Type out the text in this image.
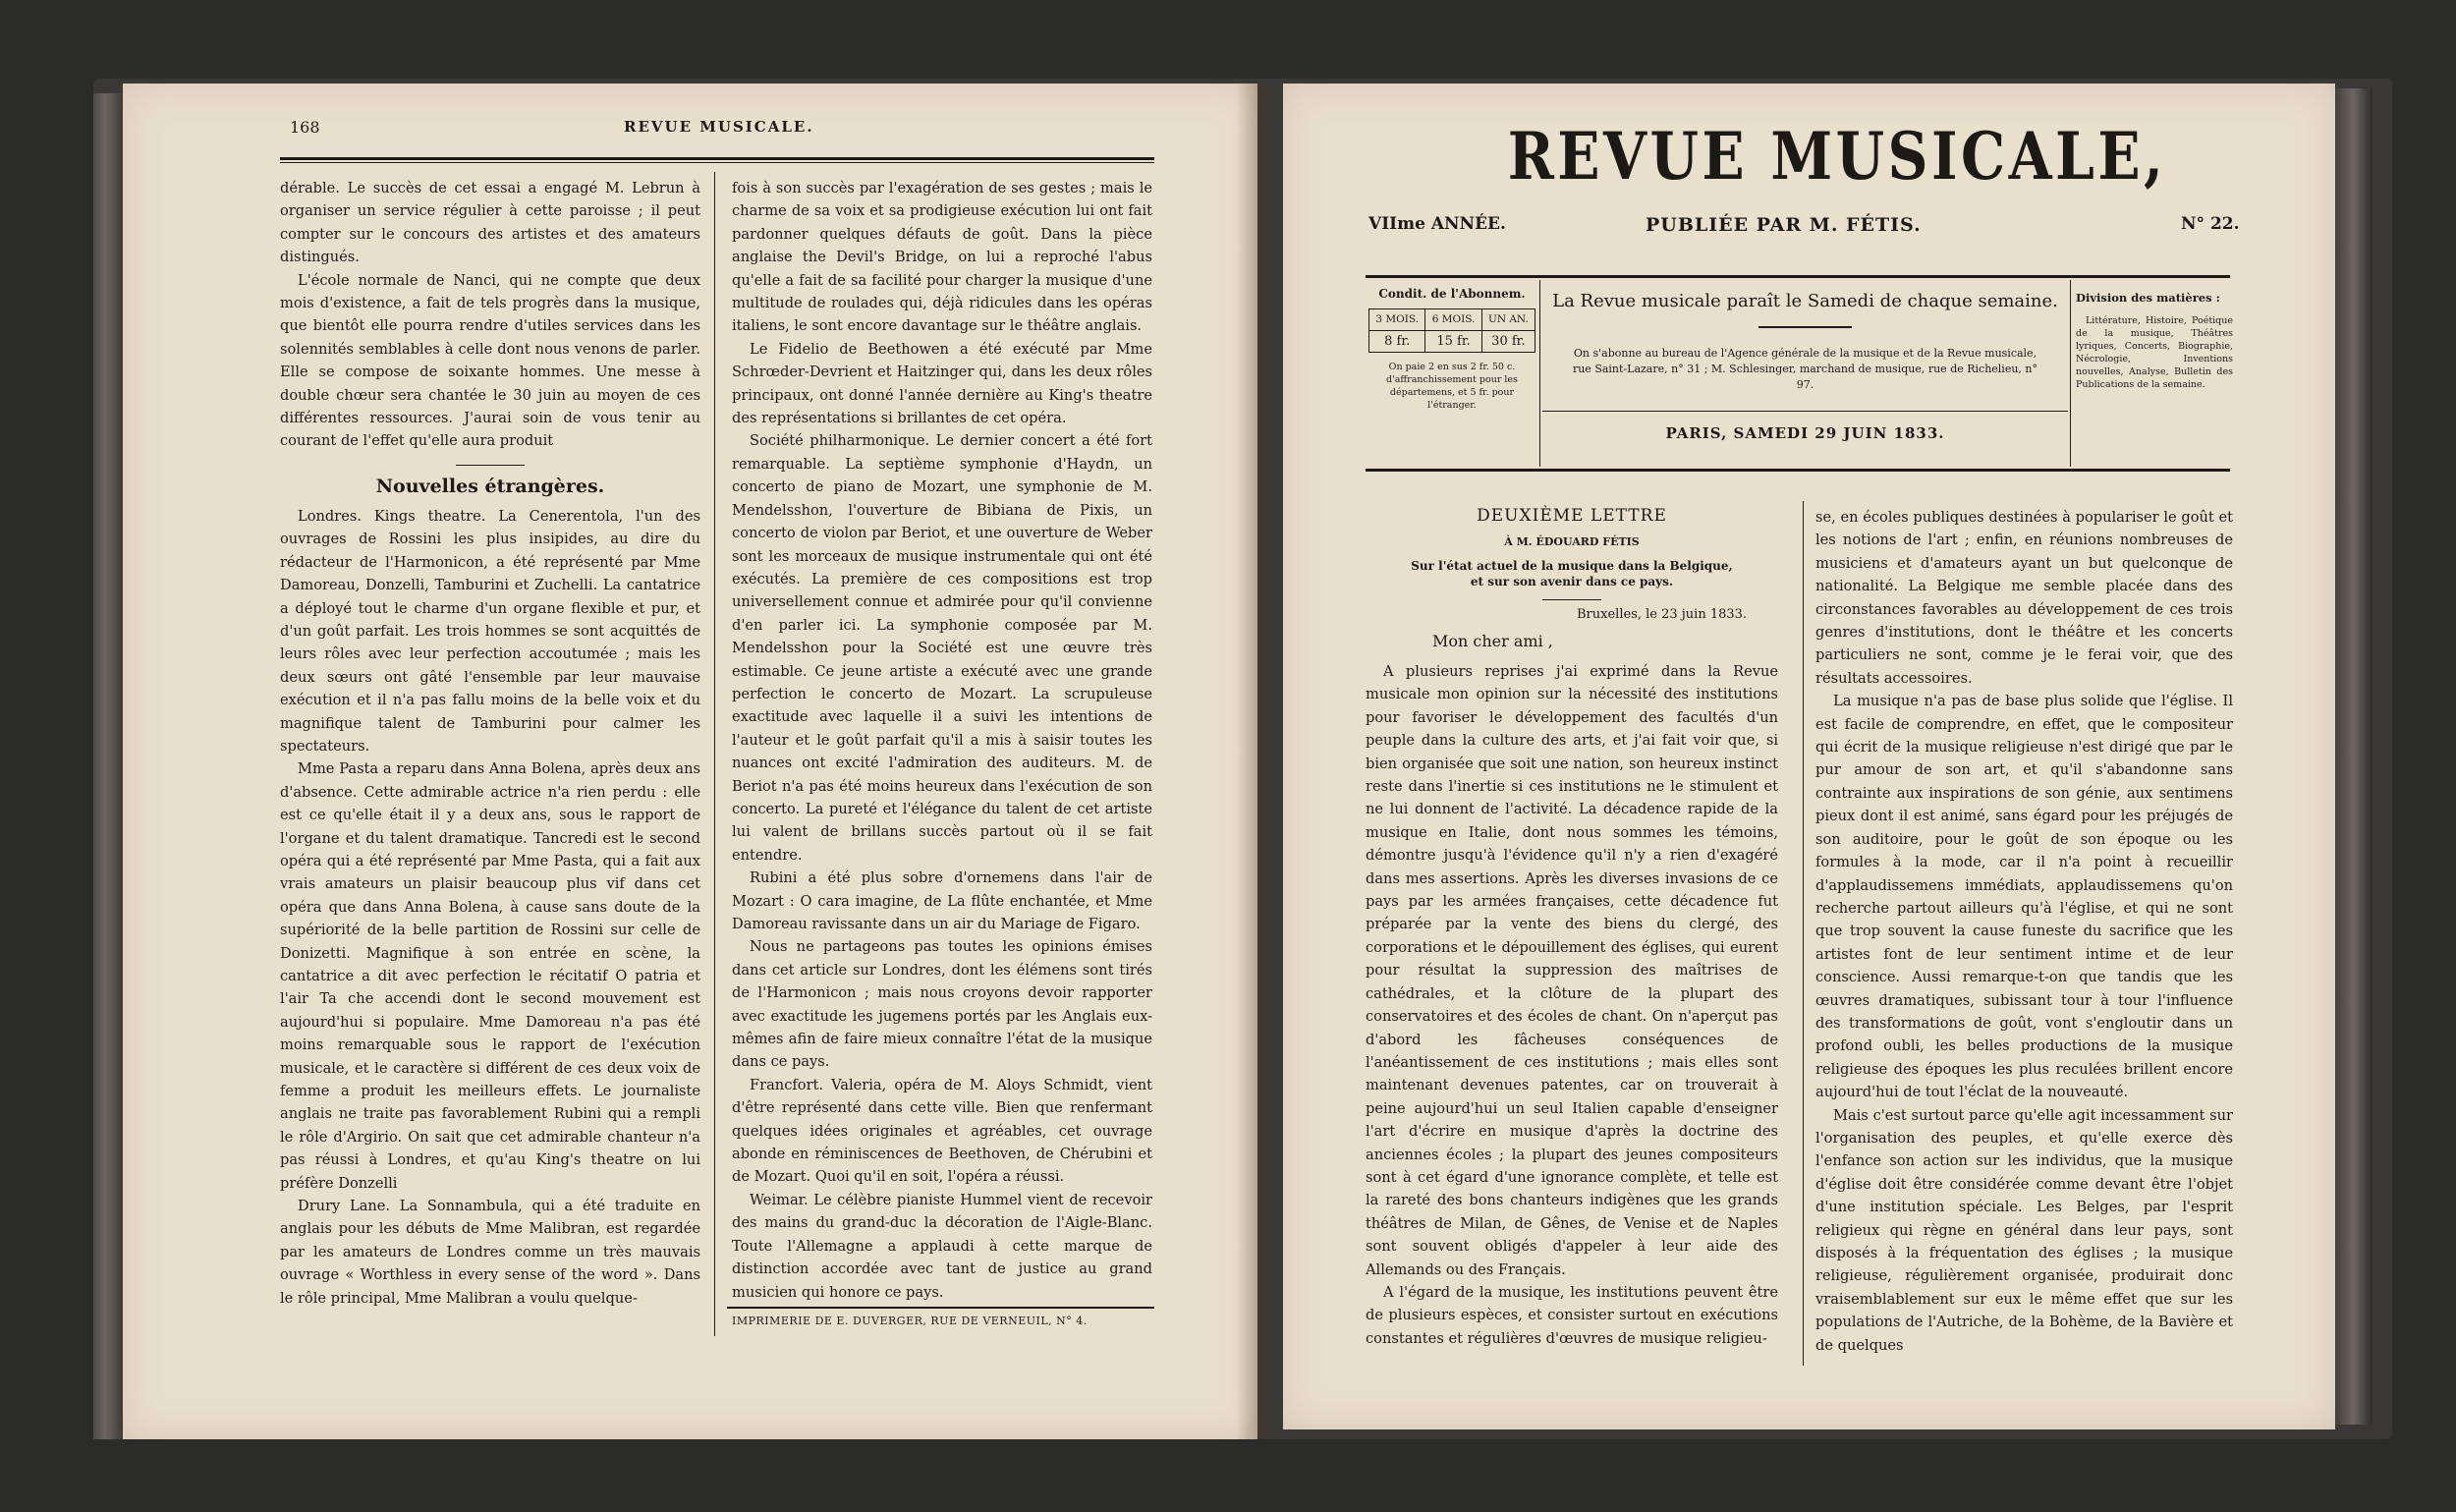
168	REVUE MUSICALE.

dérable. Le succès de cet essai a engagé M. Lebrun à organiser un service régulier à cette paroisse ; il peut compter sur le concours des artistes et des amateurs distingués.

L'école normale de Nanci, qui ne compte que deux mois d'existence, a fait de tels progrès dans la musique, que bientôt elle pourra rendre d'utiles services dans les solennités semblables à celle dont nous venons de parler. Elle se compose de soixante hommes. Une messe à double chœur sera chantée le 30 juin au moyen de ces différentes ressources. J'aurai soin de vous tenir au courant de l'effet qu'elle aura produit

Nouvelles étrangères.

Londres. Kings theatre. La Cenerentola, l'un des ouvrages de Rossini les plus insipides, au dire du rédacteur de l'Harmonicon, a été représenté par Mme Damoreau, Donzelli, Tamburini et Zuchelli. La cantatrice a déployé tout le charme d'un organe flexible et pur, et d'un goût parfait. Les trois hommes se sont acquittés de leurs rôles avec leur perfection accoutumée ; mais les deux sœurs ont gâté l'ensemble par leur mauvaise exécution et il n'a pas fallu moins de la belle voix et du magnifique talent de Tamburini pour calmer les spectateurs.

Mme Pasta a reparu dans Anna Bolena, après deux ans d'absence. Cette admirable actrice n'a rien perdu : elle est ce qu'elle était il y a deux ans, sous le rapport de l'organe et du talent dramatique. Tancredi est le second opéra qui a été représenté par Mme Pasta, qui a fait aux vrais amateurs un plaisir beaucoup plus vif dans cet opéra que dans Anna Bolena, à cause sans doute de la supériorité de la belle partition de Rossini sur celle de Donizetti. Magnifique à son entrée en scène, la cantatrice a dit avec perfection le récitatif O patria et l'air Ta che accendi dont le second mouvement est aujourd'hui si populaire. Mme Damoreau n'a pas été moins remarquable sous le rapport de l'exécution musicale, et le caractère si différent de ces deux voix de femme a produit les meilleurs effets. Le journaliste anglais ne traite pas favorablement Rubini qui a rempli le rôle d'Argirio. On sait que cet admirable chanteur n'a pas réussi à Londres, et qu'au King's theatre on lui préfère Donzelli

Drury Lane. La Sonnambula, qui a été traduite en anglais pour les débuts de Mme Malibran, est regardée par les amateurs de Londres comme un très mauvais ouvrage « Worthless in every sense of the word ». Dans le rôle principal, Mme Malibran a voulu quelque-

fois à son succès par l'exagération de ses gestes ; mais le charme de sa voix et sa prodigieuse exécution lui ont fait pardonner quelques défauts de goût. Dans la pièce anglaise the Devil's Bridge, on lui a reproché l'abus qu'elle a fait de sa facilité pour charger la musique d'une multitude de roulades qui, déjà ridicules dans les opéras italiens, le sont encore davantage sur le théâtre anglais.

Le Fidelio de Beethowen a été exécuté par Mme Schrœder-Devrient et Haitzinger qui, dans les deux rôles principaux, ont donné l'année dernière au King's theatre des représentations si brillantes de cet opéra.

Société philharmonique. Le dernier concert a été fort remarquable. La septième symphonie d'Haydn, un concerto de piano de Mozart, une symphonie de M. Mendelsshon, l'ouverture de Bibiana de Pixis, un concerto de violon par Beriot, et une ouverture de Weber sont les morceaux de musique instrumentale qui ont été exécutés. La première de ces compositions est trop universellement connue et admirée pour qu'il convienne d'en parler ici. La symphonie composée par M. Mendelsshon pour la Société est une œuvre très estimable. Ce jeune artiste a exécuté avec une grande perfection le concerto de Mozart. La scrupuleuse exactitude avec laquelle il a suivi les intentions de l'auteur et le goût parfait qu'il a mis à saisir toutes les nuances ont excité l'admiration des auditeurs. M. de Beriot n'a pas été moins heureux dans l'exécution de son concerto. La pureté et l'élégance du talent de cet artiste lui valent de brillans succès partout où il se fait entendre.

Rubini a été plus sobre d'ornemens dans l'air de Mozart : O cara imagine, de La flûte enchantée, et Mme Damoreau ravissante dans un air du Mariage de Figaro.

Nous ne partageons pas toutes les opinions émises dans cet article sur Londres, dont les élémens sont tirés de l'Harmonicon ; mais nous croyons devoir rapporter avec exactitude les jugemens portés par les Anglais eux-mêmes afin de faire mieux connaître l'état de la musique dans ce pays.

Francfort. Valeria, opéra de M. Aloys Schmidt, vient d'être représenté dans cette ville. Bien que renfermant quelques idées originales et agréables, cet ouvrage abonde en réminiscences de Beethoven, de Chérubini et de Mozart. Quoi qu'il en soit, l'opéra a réussi.

Weimar. Le célèbre pianiste Hummel vient de recevoir des mains du grand-duc la décoration de l'Aigle-Blanc. Toute l'Allemagne a applaudi à cette marque de distinction accordée avec tant de justice au grand musicien qui honore ce pays.

IMPRIMERIE DE E. DUVERGER, RUE DE VERNEUIL, N° 4.
REVUE MUSICALE,
VIIme ANNÉE.	PUBLIÉE PAR M. FÉTIS.	N° 22.
Condit. de l'Abonnem.
3 MOIS.	6 MOIS.	UN AN.
8 fr.	15 fr.	30 fr.
On paie 2 en sus 2 fr. 50 c. d'affranchissement pour les départemens, et 5 fr. pour l'étranger.
La Revue musicale paraît le Samedi de chaque semaine.
On s'abonne au bureau de l'Agence générale de la musique et de la Revue musicale, rue Saint-Lazare, n° 31 ; M. Schlesinger, marchand de musique, rue de Richelieu, n° 97.
PARIS, SAMEDI 29 JUIN 1833.
Division des matières :
Littérature, Histoire, Poétique de la musique, Théâtres lyriques, Concerts, Biographie, Nécrologie, Inventions nouvelles, Analyse, Bulletin des Publications de la semaine.
DEUXIÈME LETTRE
À M. ÉDOUARD FÉTIS
Sur l'état actuel de la musique dans la Belgique, et sur son avenir dans ce pays.
Bruxelles, le 23 juin 1833.
Mon cher ami ,

A plusieurs reprises j'ai exprimé dans la Revue musicale mon opinion sur la nécessité des institutions pour favoriser le développement des facultés d'un peuple dans la culture des arts, et j'ai fait voir que, si bien organisée que soit une nation, son heureux instinct reste dans l'inertie si ces institutions ne le stimulent et ne lui donnent de l'activité. La décadence rapide de la musique en Italie, dont nous sommes les témoins, démontre jusqu'à l'évidence qu'il n'y a rien d'exagéré dans mes assertions. Après les diverses invasions de ce pays par les armées françaises, cette décadence fut préparée par la vente des biens du clergé, des corporations et le dépouillement des églises, qui eurent pour résultat la suppression des maîtrises de cathédrales, et la clôture de la plupart des conservatoires et des écoles de chant. On n'aperçut pas d'abord les fâcheuses conséquences de l'anéantissement de ces institutions ; mais elles sont maintenant devenues patentes, car on trouverait à peine aujourd'hui un seul Italien capable d'enseigner l'art d'écrire en musique d'après la doctrine des anciennes écoles ; la plupart des jeunes compositeurs sont à cet égard d'une ignorance complète, et telle est la rareté des bons chanteurs indigènes que les grands théâtres de Milan, de Gênes, de Venise et de Naples sont souvent obligés d'appeler à leur aide des Allemands ou des Français.

A l'égard de la musique, les institutions peuvent être de plusieurs espèces, et consister surtout en exécutions constantes et régulières d'œuvres de musique religieu-

se, en écoles publiques destinées à populariser le goût et les notions de l'art ; enfin, en réunions nombreuses de musiciens et d'amateurs ayant un but quelconque de nationalité. La Belgique me semble placée dans des circonstances favorables au développement de ces trois genres d'institutions, dont le théâtre et les concerts particuliers ne sont, comme je le ferai voir, que des résultats accessoires.

La musique n'a pas de base plus solide que l'église. Il est facile de comprendre, en effet, que le compositeur qui écrit de la musique religieuse n'est dirigé que par le pur amour de son art, et qu'il s'abandonne sans contrainte aux inspirations de son génie, aux sentimens pieux dont il est animé, sans égard pour les préjugés de son auditoire, pour le goût de son époque ou les formules à la mode, car il n'a point à recueillir d'applaudissemens immédiats, applaudissemens qu'on recherche partout ailleurs qu'à l'église, et qui ne sont que trop souvent la cause funeste du sacrifice que les artistes font de leur sentiment intime et de leur conscience. Aussi remarque-t-on que tandis que les œuvres dramatiques, subissant tour à tour l'influence des transformations de goût, vont s'engloutir dans un profond oubli, les belles productions de la musique religieuse des époques les plus reculées brillent encore aujourd'hui de tout l'éclat de la nouveauté.

Mais c'est surtout parce qu'elle agit incessamment sur l'organisation des peuples, et qu'elle exerce dès l'enfance son action sur les individus, que la musique d'église doit être considérée comme devant être l'objet d'une institution spéciale. Les Belges, par l'esprit religieux qui règne en général dans leur pays, sont disposés à la fréquentation des églises ; la musique religieuse, régulièrement organisée, produirait donc vraisemblablement sur eux le même effet que sur les populations de l'Autriche, de la Bohème, de la Bavière et de quelques
